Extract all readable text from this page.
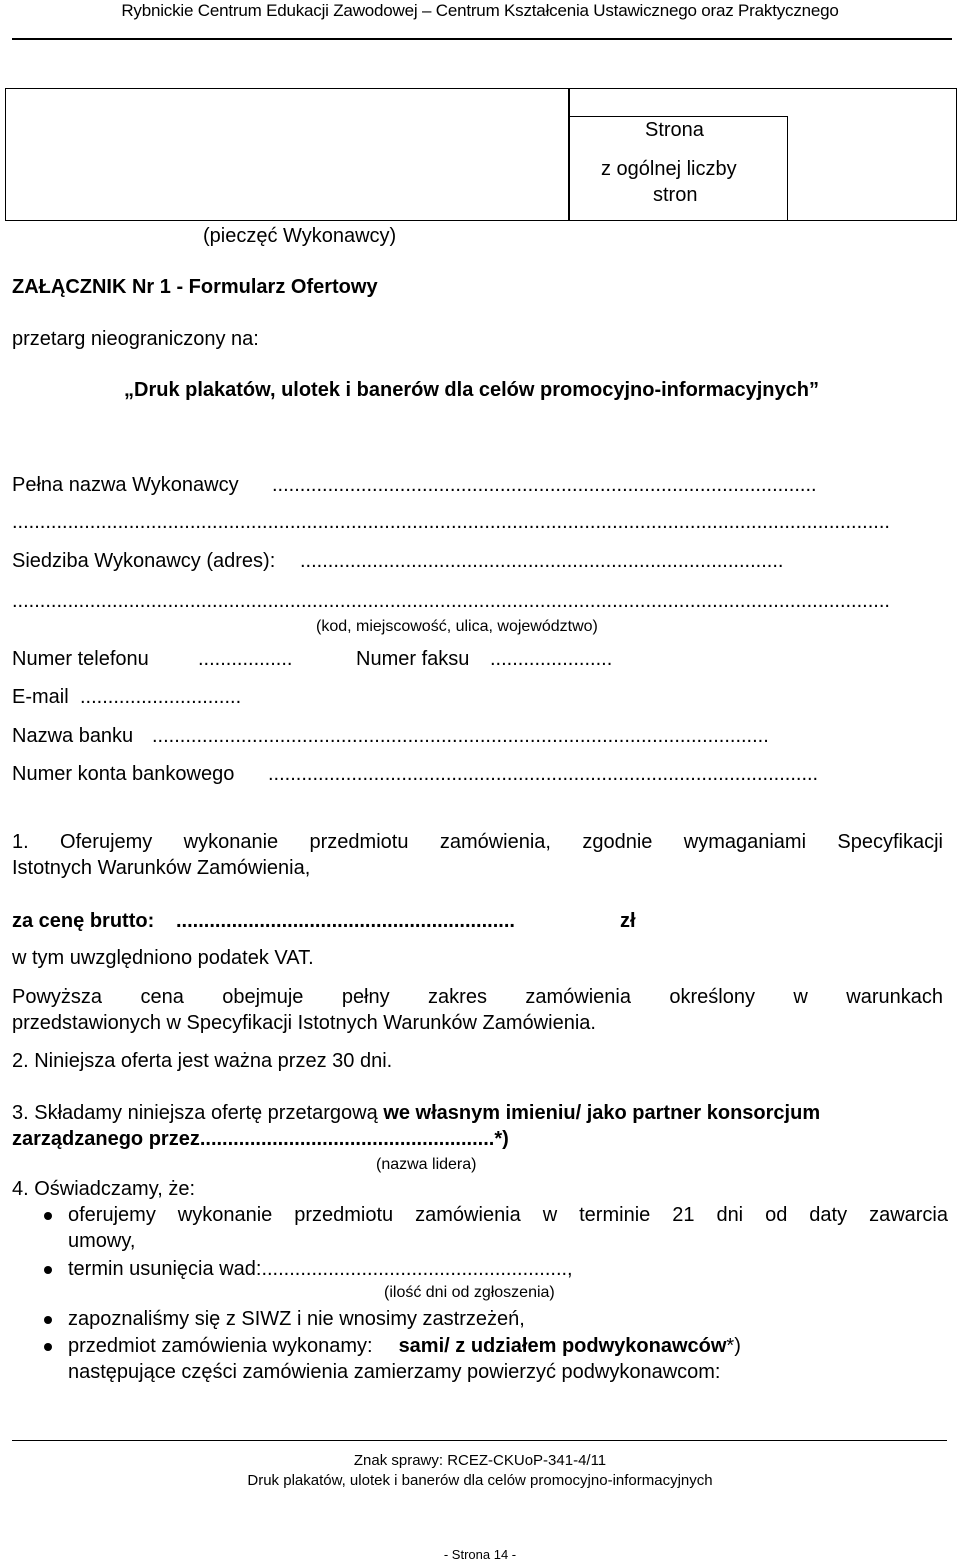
Rybnickie Centrum Edukacji Zawodowej – Centrum Kształcenia Ustawicznego oraz Praktycznego
Strona
z ogólnej liczby
stron
(pieczęć Wykonawcy)
ZAŁĄCZNIK Nr 1 - Formularz Ofertowy
przetarg nieograniczony na:
„Druk plakatów, ulotek i banerów dla celów promocyjno-informacyjnych”
Pełna nazwa Wykonawcy ..................................................................................................
..............................................................................................................................................................
Siedziba Wykonawcy (adres): .......................................................................................
..............................................................................................................................................................
(kod, miejscowość, ulica, województwo)
Numer telefonu .................	Numer faksu ......................
E-mail .............................
Nazwa banku ...............................................................................................................
Numer konta bankowego ...................................................................................................
1. Oferujemy wykonanie przedmiotu zamówienia, zgodnie wymaganiami Specyfikacji
Istotnych Warunków Zamówienia,
za cenę brutto: .............................................................	zł
w tym uwzględniono podatek VAT.
Powyższa cena obejmuje pełny zakres zamówienia określony w warunkach
przedstawionych w Specyfikacji Istotnych Warunków Zamówienia.
2. Niniejsza oferta jest ważna przez 30 dni.
3. Składamy niniejsza ofertę przetargową we własnym imieniu/ jako partner konsorcjum
zarządzanego przez.....................................................*)
(nazwa lidera)
4. Oświadczamy, że:
oferujemy wykonanie przedmiotu zamówienia w terminie 21 dni od daty zawarcia
umowy,
termin usunięcia wad:.......................................................,
(ilość dni od zgłoszenia)
zapoznaliśmy się z SIWZ i nie wnosimy zastrzeżeń,
przedmiot zamówienia wykonamy: sami/ z udziałem podwykonawców*)
następujące części zamówienia zamierzamy powierzyć podwykonawcom:
Znak sprawy: RCEZ-CKUoP-341-4/11
Druk plakatów, ulotek i banerów dla celów promocyjno-informacyjnych
- Strona 14 -
